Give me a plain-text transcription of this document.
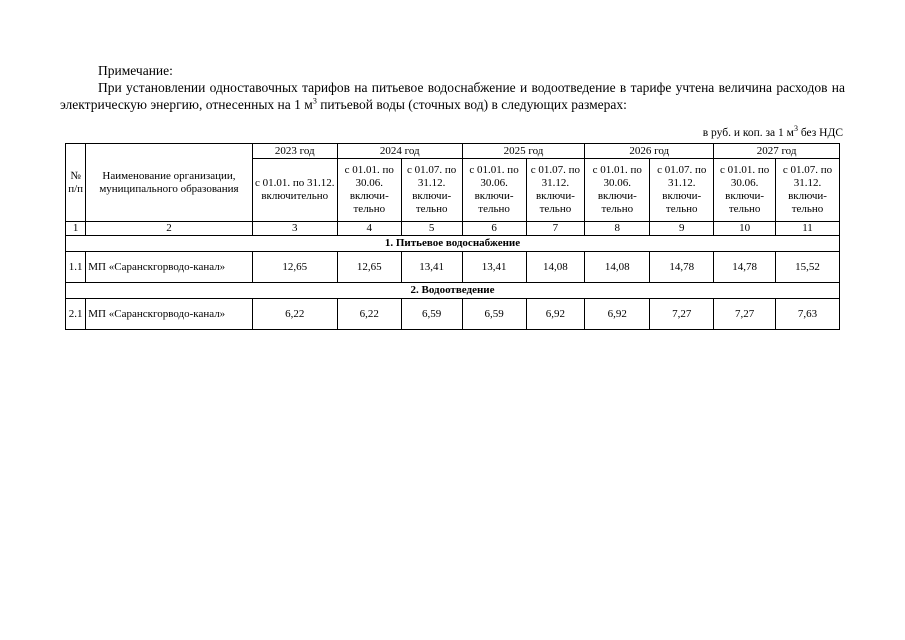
Примечание:
При установлении одноставочных тарифов на питьевое водоснабжение и водоотведение в тарифе учтена величина расходов на электрическую энергию, отнесенных на 1 $м^3$ питьевой воды (сточных вод) в следующих размерах:
в руб. и коп. за 1 $м^3$ без НДС
№ п/п	Наименование организации, муниципального образования	2023 год	2024 год		2025 год		2026 год		2027 год	
		с 01.01. по 31.12. включительно	с 01.01. по 30.06. включи-тельно	с 01.07. по 31.12. включи-тельно	с 01.01. по 30.06. включи-тельно	с 01.07. по 31.12. включи-тельно	с 01.01. по 30.06. включи-тельно	с 01.07. по 31.12. включи-тельно	с 01.01. по 30.06. включи-тельно	с 01.07. по 31.12. включи-тельно
1	2	3	4	5	6	7	8	9	10	11
1. Питьевое водоснабжение										
1.1	МП «Саранскгорводо-канал»	12,65	12,65	13,41	13,41	14,08	14,08	14,78	14,78	15,52
2. Водоотведение										
2.1	МП «Саранскгорводо-канал»	6,22	6,22	6,59	6,59	6,92	6,92	7,27	7,27	7,63
